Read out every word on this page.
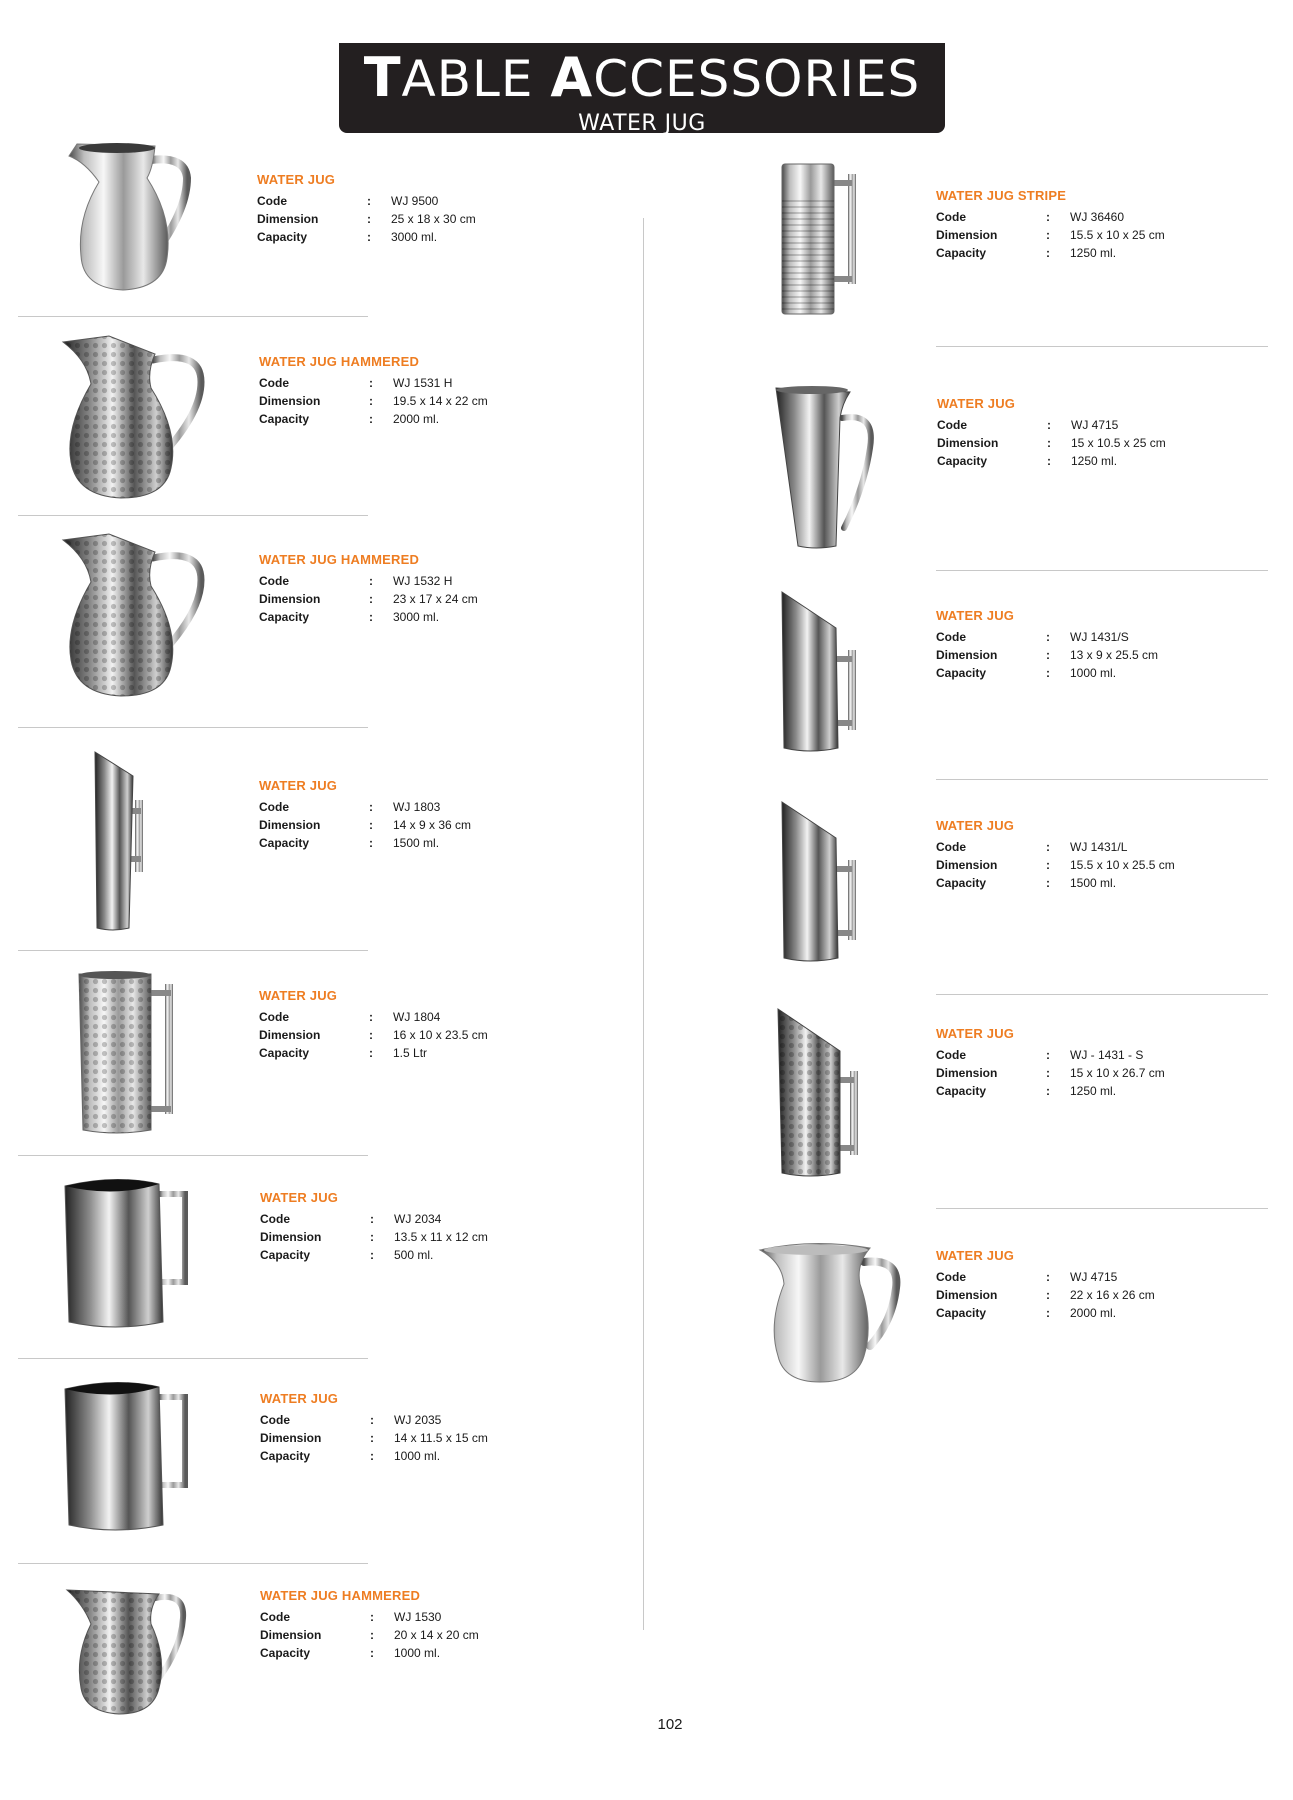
TABLE ACCESSORIES
WATER JUG
WATER JUG
Code	: WJ 9500
Dimension	: 25 x 18 x 30 cm
Capacity	: 3000 ml.
WATER JUG HAMMERED
Code	: WJ 1531 H
Dimension	: 19.5 x 14 x 22 cm
Capacity	: 2000 ml.
WATER JUG HAMMERED
Code	: WJ 1532 H
Dimension	: 23 x 17 x 24 cm
Capacity	: 3000 ml.
WATER JUG
Code	: WJ 1803
Dimension	: 14 x 9 x 36 cm
Capacity	: 1500 ml.
WATER JUG
Code	: WJ 1804
Dimension	: 16 x 10 x 23.5 cm
Capacity	: 1.5 Ltr
WATER JUG
Code	: WJ 2034
Dimension	: 13.5 x 11 x 12 cm
Capacity	: 500 ml.
WATER JUG
Code	: WJ 2035
Dimension	: 14 x 11.5 x 15 cm
Capacity	: 1000 ml.
WATER JUG HAMMERED
Code	: WJ 1530
Dimension	: 20 x 14 x 20 cm
Capacity	: 1000 ml.
WATER JUG STRIPE
Code	: WJ 36460
Dimension	: 15.5 x 10 x 25 cm
Capacity	: 1250 ml.
WATER JUG
Code	: WJ 4715
Dimension	: 15 x 10.5 x 25 cm
Capacity	: 1250 ml.
WATER JUG
Code	: WJ 1431/S
Dimension	: 13 x 9 x 25.5 cm
Capacity	: 1000 ml.
WATER JUG
Code	: WJ 1431/L
Dimension	: 15.5 x 10 x 25.5 cm
Capacity	: 1500 ml.
WATER JUG
Code	: WJ - 1431 - S
Dimension	: 15 x 10 x 26.7 cm
Capacity	: 1250 ml.
WATER JUG
Code	: WJ 4715
Dimension	: 22 x 16 x 26 cm
Capacity	: 2000 ml.
102
